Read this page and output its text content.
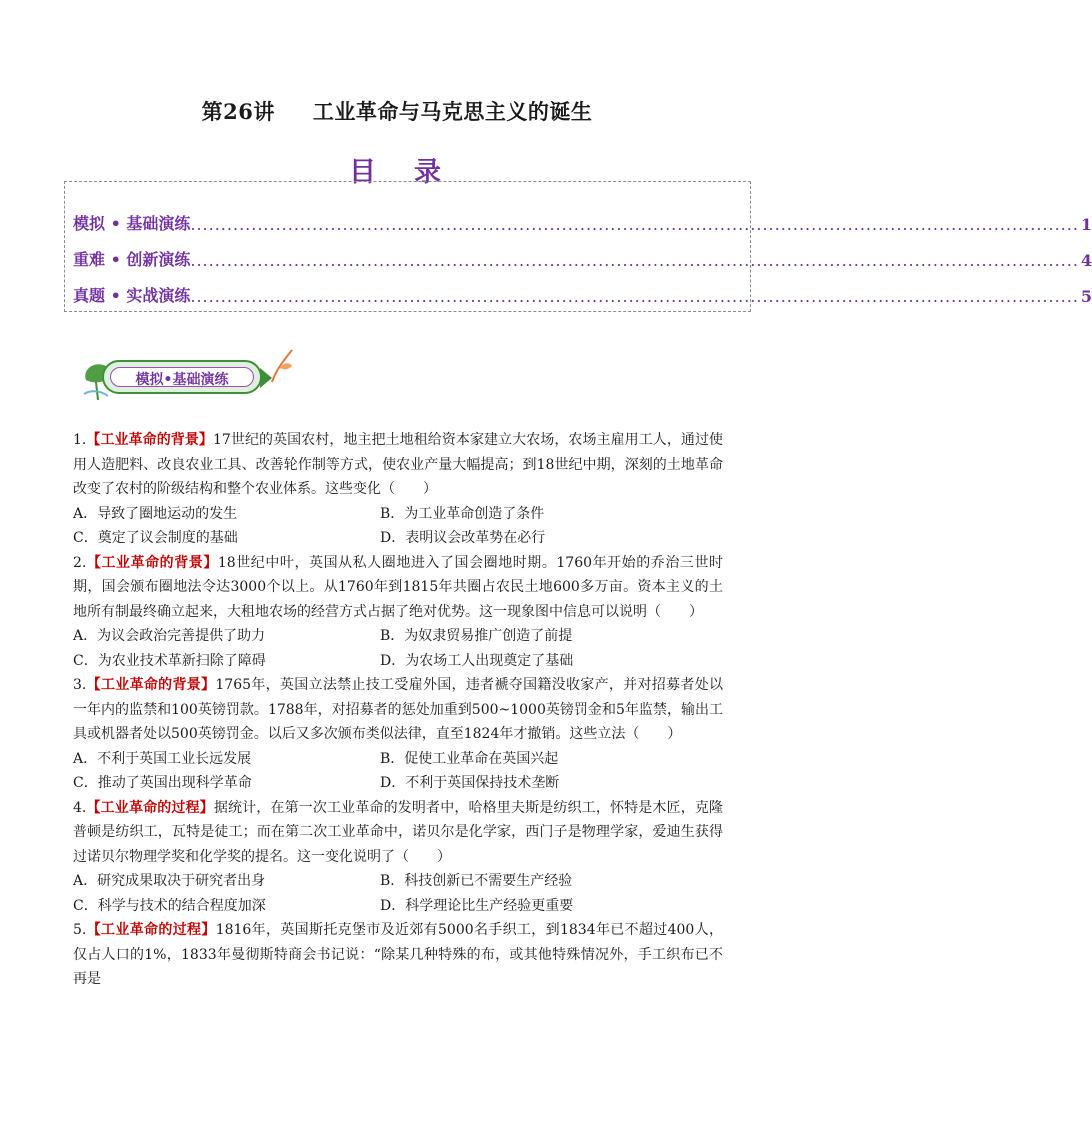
第26讲 工业革命与马克思主义的诞生
目 录
模拟 • 基础演练 .................................................................................................................................................. 1
重难 • 创新演练 .................................................................................................................................................. 4
真题 • 实战演练 .................................................................................................................................................. 5
模拟•基础演练

1.【工业革命的背景】17世纪的英国农村，地主把土地租给资本家建立大农场，农场主雇用工人，通过使用人造肥料、改良农业工具、改善轮作制等方式，使农业产量大幅提高；到18世纪中期，深刻的土地革命改变了农村的阶级结构和整个农业体系。这些变化（　　）

A．导致了圈地运动的发生	B．为工业革命创造了条件
C．奠定了议会制度的基础	D．表明议会改革势在必行

2.【工业革命的背景】18世纪中叶，英国从私人圈地进入了国会圈地时期。1760年开始的乔治三世时期，国会颁布圈地法令达3000个以上。从1760年到1815年共圈占农民土地600多万亩。资本主义的土地所有制最终确立起来，大租地农场的经营方式占据了绝对优势。这一现象图中信息可以说明（　　）

A．为议会政治完善提供了助力	B．为奴隶贸易推广创造了前提
C．为农业技术革新扫除了障碍	D．为农场工人出现奠定了基础

3.【工业革命的背景】1765年，英国立法禁止技工受雇外国，违者褫夺国籍没收家产，并对招募者处以一年内的监禁和100英镑罚款。1788年，对招募者的惩处加重到500~1000英镑罚金和5年监禁，输出工具或机器者处以500英镑罚金。以后又多次颁布类似法律，直至1824年才撤销。这些立法（　　）

A．不利于英国工业长远发展	B．促使工业革命在英国兴起
C．推动了英国出现科学革命	D．不利于英国保持技术垄断

4.【工业革命的过程】据统计，在第一次工业革命的发明者中，哈格里夫斯是纺织工，怀特是木匠，克隆普顿是纺织工，瓦特是徒工；而在第二次工业革命中，诺贝尔是化学家，西门子是物理学家，爱迪生获得过诺贝尔物理学奖和化学奖的提名。这一变化说明了（　　）

A．研究成果取决于研究者出身	B．科技创新已不需要生产经验
C．科学与技术的结合程度加深	D．科学理论比生产经验更重要

5.【工业革命的过程】1816年，英国斯托克堡市及近郊有5000名手织工，到1834年已不超过400人，仅占人口的1%，1833年曼彻斯特商会书记说：“除某几种特殊的布，或其他特殊情况外，手工织布已不再是
